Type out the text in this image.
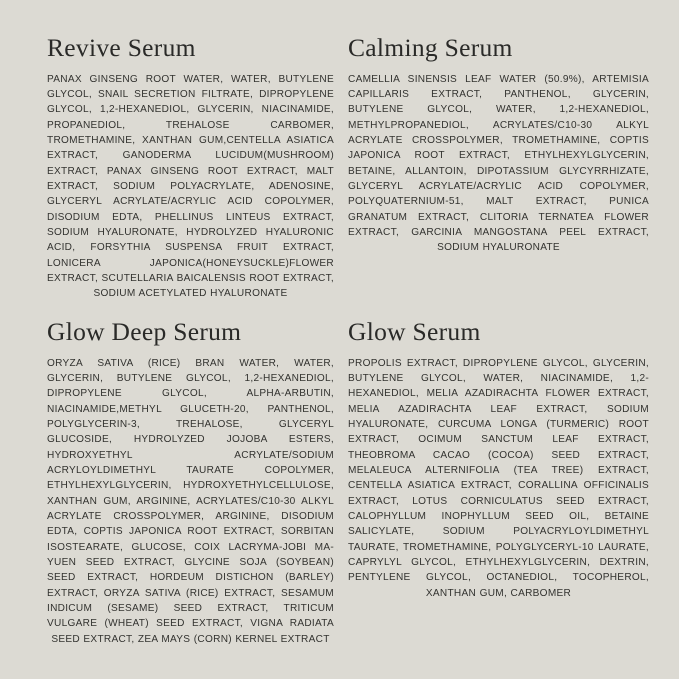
Revive Serum

PANAX GINSENG ROOT WATER, WATER, BUTYLENE GLYCOL, SNAIL SECRETION FILTRATE, DIPROPYLENE GLYCOL, 1,2-HEXANEDIOL, GLYCERIN, NIACINAMIDE, PROPANEDIOL, TREHALOSE CARBOMER, TROMETHAMINE, XANTHAN GUM,CENTELLA ASIATICA EXTRACT, GANODERMA LUCIDUM(MUSHROOM) EXTRACT, PANAX GINSENG ROOT EXTRACT, MALT EXTRACT, SODIUM POLYACRYLATE, ADENOSINE, GLYCERYL ACRYLATE/ACRYLIC ACID COPOLYMER, DISODIUM EDTA, PHELLINUS LINTEUS EXTRACT, SODIUM HYALURONATE, HYDROLYZED HYALURONIC ACID, FORSYTHIA SUSPENSA FRUIT EXTRACT, LONICERA JAPONICA(HONEYSUCKLE)FLOWER EXTRACT, SCUTELLARIA BAICALENSIS ROOT EXTRACT, SODIUM ACETYLATED HYALURONATE

Calming Serum

CAMELLIA SINENSIS LEAF WATER (50.9%), ARTEMISIA CAPILLARIS EXTRACT, PANTHENOL, GLYCERIN, BUTYLENE GLYCOL, WATER, 1,2-HEXANEDIOL, METHYLPROPANEDIOL, ACRYLATES/C10-30 ALKYL ACRYLATE CROSSPOLYMER, TROMETHAMINE, COPTIS JAPONICA ROOT EXTRACT, ETHYLHEXYLGLYCERIN, BETAINE, ALLANTOIN, DIPOTASSIUM GLYCYRRHIZATE, GLYCERYL ACRYLATE/ACRYLIC ACID COPOLYMER, POLYQUATERNIUM-51, MALT EXTRACT, PUNICA GRANATUM EXTRACT, CLITORIA TERNATEA FLOWER EXTRACT, GARCINIA MANGOSTANA PEEL EXTRACT, SODIUM HYALURONATE

Glow Deep Serum

ORYZA SATIVA (RICE) BRAN WATER, WATER, GLYCERIN, BUTYLENE GLYCOL, 1,2-HEXANEDIOL, DIPROPYLENE GLYCOL, ALPHA-ARBUTIN, NIACINAMIDE,METHYL GLUCETH-20, PANTHENOL, POLYGLYCERIN-3, TREHALOSE, GLYCERYL GLUCOSIDE, HYDROLYZED JOJOBA ESTERS, HYDROXYETHYL ACRYLATE/SODIUM ACRYLOYLDIMETHYL TAURATE COPOLYMER, ETHYLHEXYLGLYCERIN, HYDROXYETHYLCELLULOSE, XANTHAN GUM, ARGININE, ACRYLATES/C10-30 ALKYL ACRYLATE CROSSPOLYMER, ARGININE, DISODIUM EDTA, COPTIS JAPONICA ROOT EXTRACT, SORBITAN ISOSTEARATE, GLUCOSE, COIX LACRYMA-JOBI MA-YUEN SEED EXTRACT, GLYCINE SOJA (SOYBEAN) SEED EXTRACT, HORDEUM DISTICHON (BARLEY) EXTRACT, ORYZA SATIVA (RICE) EXTRACT, SESAMUM INDICUM (SESAME) SEED EXTRACT, TRITICUM VULGARE (WHEAT) SEED EXTRACT, VIGNA RADIATA SEED EXTRACT, ZEA MAYS (CORN) KERNEL EXTRACT

Glow Serum

PROPOLIS EXTRACT, DIPROPYLENE GLYCOL, GLYCERIN, BUTYLENE GLYCOL, WATER, NIACINAMIDE, 1,2-HEXANEDIOL, MELIA AZADIRACHTA FLOWER EXTRACT, MELIA AZADIRACHTA LEAF EXTRACT, SODIUM HYALURONATE, CURCUMA LONGA (TURMERIC) ROOT EXTRACT, OCIMUM SANCTUM LEAF EXTRACT, THEOBROMA CACAO (COCOA) SEED EXTRACT, MELALEUCA ALTERNIFOLIA (TEA TREE) EXTRACT, CENTELLA ASIATICA EXTRACT, CORALLINA OFFICINALIS EXTRACT, LOTUS CORNICULATUS SEED EXTRACT, CALOPHYLLUM INOPHYLLUM SEED OIL, BETAINE SALICYLATE, SODIUM POLYACRYLOYLDIMETHYL TAURATE, TROMETHAMINE, POLYGLYCERYL-10 LAURATE, CAPRYLYL GLYCOL, ETHYLHEXYLGLYCERIN, DEXTRIN, PENTYLENE GLYCOL, OCTANEDIOL, TOCOPHEROL, XANTHAN GUM, CARBOMER
